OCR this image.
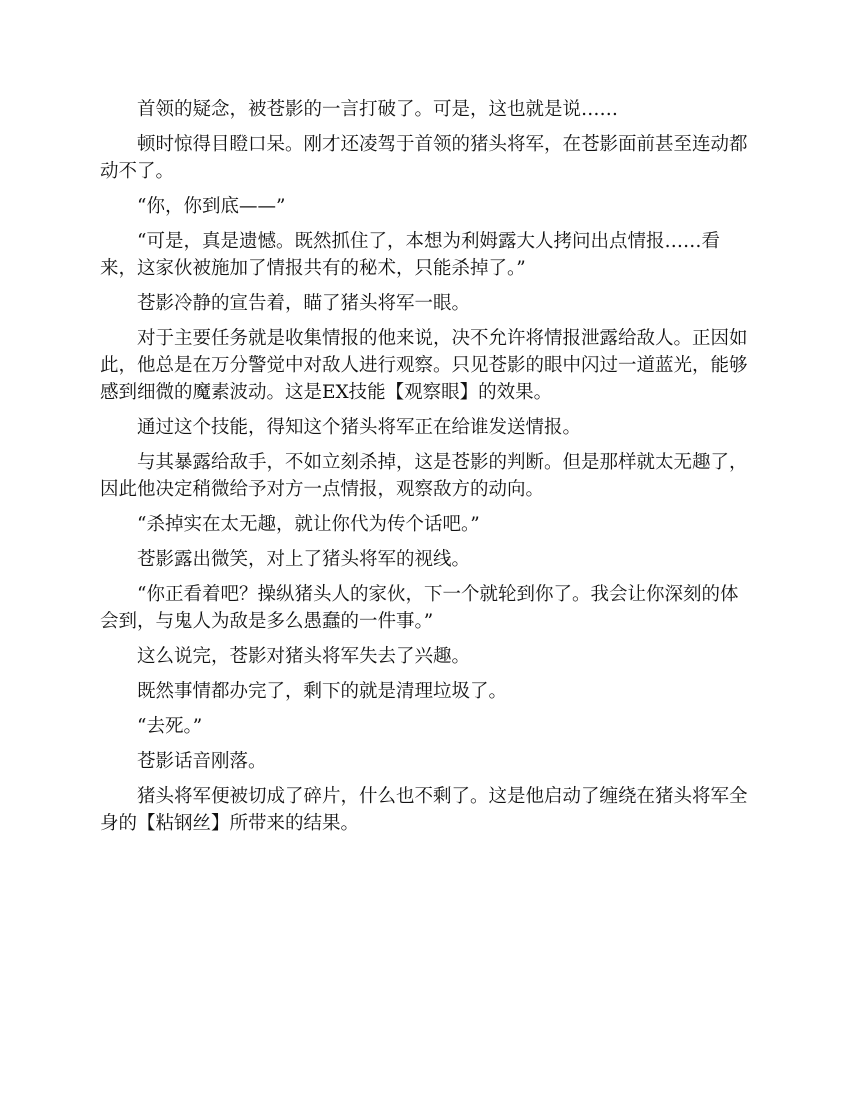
首领的疑念，被苍影的一言打破了。可是，这也就是说……

顿时惊得目瞪口呆。刚才还凌驾于首领的猪头将军，在苍影面前甚至连动都动不了。

“你，你到底——”

“可是，真是遗憾。既然抓住了，本想为利姆露大人拷问出点情报……看来，这家伙被施加了情报共有的秘术，只能杀掉了。”

苍影冷静的宣告着，瞄了猪头将军一眼。

对于主要任务就是收集情报的他来说，决不允许将情报泄露给敌人。正因如此，他总是在万分警觉中对敌人进行观察。只见苍影的眼中闪过一道蓝光，能够感到细微的魔素波动。这是EX技能【观察眼】的效果。

通过这个技能，得知这个猪头将军正在给谁发送情报。

与其暴露给敌手，不如立刻杀掉，这是苍影的判断。但是那样就太无趣了，因此他决定稍微给予对方一点情报，观察敌方的动向。

“杀掉实在太无趣，就让你代为传个话吧。”

苍影露出微笑，对上了猪头将军的视线。

“你正看着吧？操纵猪头人的家伙，下一个就轮到你了。我会让你深刻的体会到，与鬼人为敌是多么愚蠢的一件事。”

这么说完，苍影对猪头将军失去了兴趣。

既然事情都办完了，剩下的就是清理垃圾了。

“去死。”

苍影话音刚落。

猪头将军便被切成了碎片，什么也不剩了。这是他启动了缠绕在猪头将军全身的【粘钢丝】所带来的结果。
